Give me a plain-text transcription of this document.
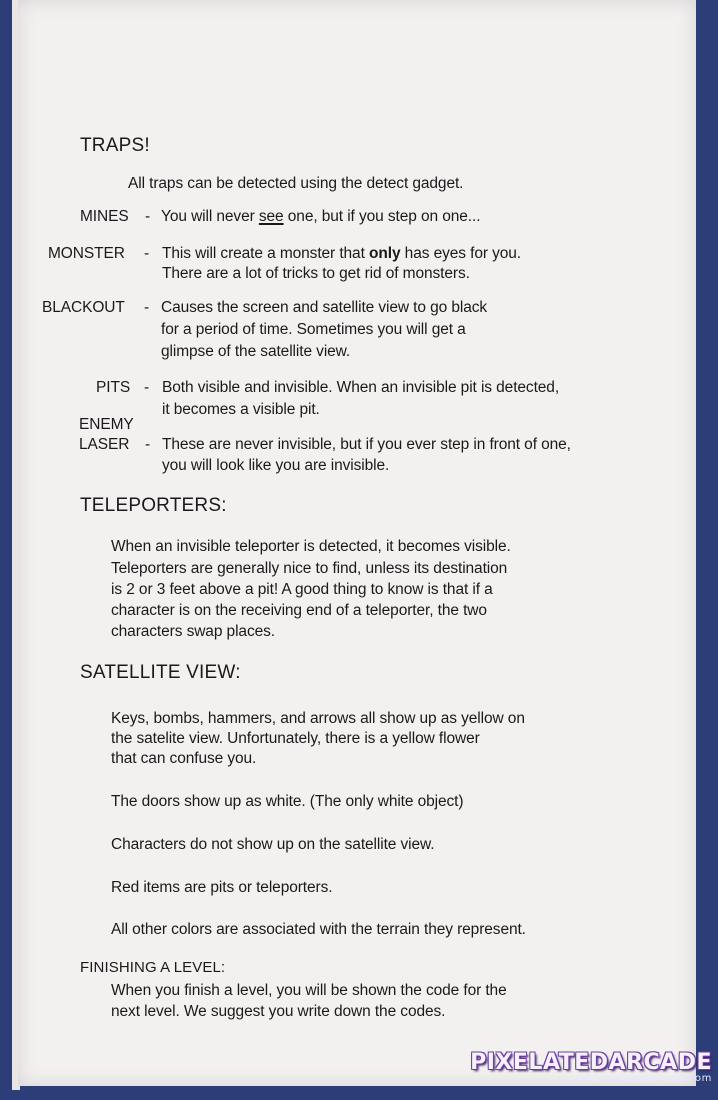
TRAPS!
All traps can be detected using the detect gadget.
MINES - You will never see one, but if you step on one...
MONSTER - This will create a monster that only has eyes for you.
There are a lot of tricks to get rid of monsters.
BLACKOUT - Causes the screen and satellite view to go black
for a period of time. Sometimes you will get a
glimpse of the satellite view.
PITS - Both visible and invisible. When an invisible pit is detected,
it becomes a visible pit.
ENEMY
LASER - These are never invisible, but if you ever step in front of one,
you will look like you are invisible.
TELEPORTERS:
When an invisible teleporter is detected, it becomes visible.
Teleporters are generally nice to find, unless its destination
is 2 or 3 feet above a pit! A good thing to know is that if a
character is on the receiving end of a teleporter, the two
characters swap places.
SATELLITE VIEW:
Keys, bombs, hammers, and arrows all show up as yellow on
the satelite view. Unfortunately, there is a yellow flower
that can confuse you.
The doors show up as white. (The only white object)
Characters do not show up on the satellite view.
Red items are pits or teleporters.
All other colors are associated with the terrain they represent.
FINISHING A LEVEL:
When you finish a level, you will be shown the code for the
next level. We suggest you write down the codes.
PIXELATEDARCADE
www.pixelatedarcade.com
